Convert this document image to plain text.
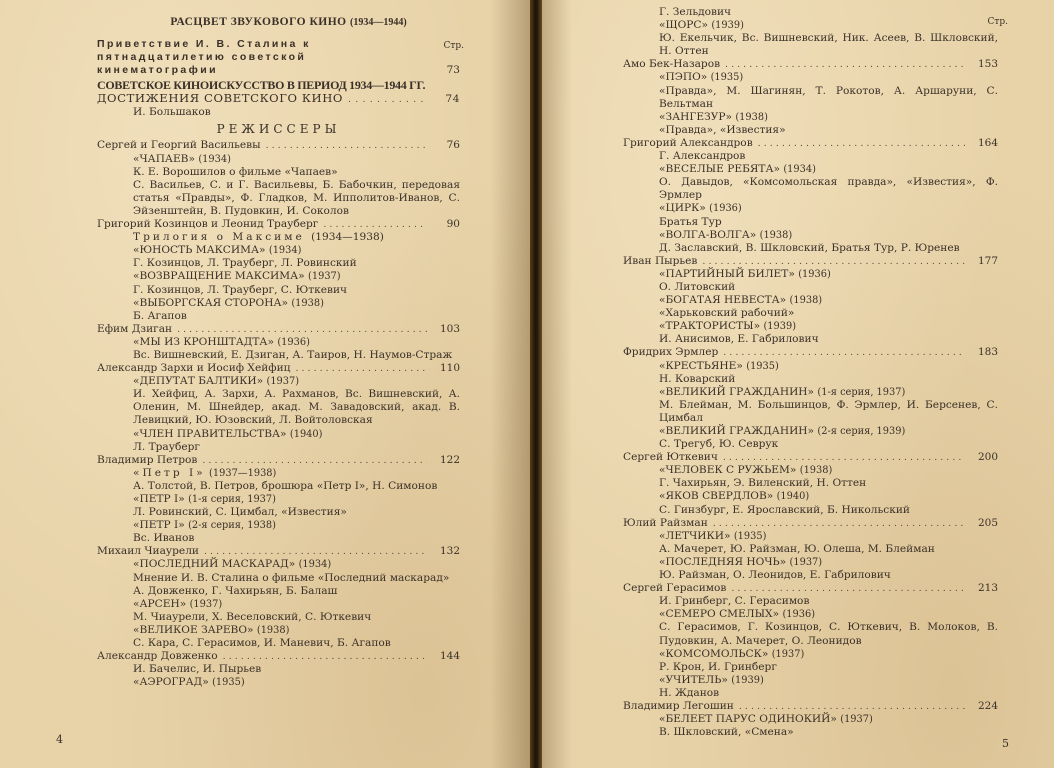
РАСЦВЕТ ЗВУКОВОГО КИНО (1934—1944)
Стр.
Приветствие И. В. Сталина к пятнадцатилетию советской кинематографии	73
СОВЕТСКОЕ КИНОИСКУССТВО В ПЕРИОД 1934—1944 ГГ.
ДОСТИЖЕНИЯ СОВЕТСКОГО КИНО . . .	74
И. Большаков
РЕЖИССЕРЫ
Сергей и Георгий Васильевы . . .	76
«ЧАПАЕВ» (1934)
К. Е. Ворошилов о фильме «Чапаев»
С. Васильев, С. и Г. Васильевы, Б. Бабочкин, передовая статья «Правды», Ф. Гладков, М. Ипполитов-Иванов, С. Эйзенштейн, В. Пудовкин, И. Соколов
Григорий Козинцов и Леонид Трауберг . . .	90
Трилогия о Максиме (1934—1938)
«ЮНОСТЬ МАКСИМА» (1934)
Г. Козинцов, Л. Трауберг, Л. Ровинский
«ВОЗВРАЩЕНИЕ МАКСИМА» (1937)
Г. Козинцов, Л. Трауберг, С. Юткевич
«ВЫБОРГСКАЯ СТОРОНА» (1938)
Б. Агапов
Ефим Дзиган . . .	103
«МЫ ИЗ КРОНШТАДТА» (1936)
Вс. Вишневский, Е. Дзиган, А. Таиров, Н. Наумов-Страж
Александр Зархи и Иосиф Хейфиц . . .	110
«ДЕПУТАТ БАЛТИКИ» (1937)
И. Хейфиц, А. Зархи, А. Рахманов, Вс. Вишневский, А. Оленин, М. Шнейдер, акад. М. Завадовский, акад. В. Левицкий, Ю. Юзовский, Л. Войтоловская
«ЧЛЕН ПРАВИТЕЛЬСТВА» (1940)
Л. Трауберг
Владимир Петров . . .	122
«Петр I» (1937—1938)
А. Толстой, В. Петров, брошюра «Петр I», Н. Симонов
«ПЕТР I» (1-я серия, 1937)
Л. Ровинский, С. Цимбал, «Известия»
«ПЕТР I» (2-я серия, 1938)
Вс. Иванов
Михаил Чиаурели . . .	132
«ПОСЛЕДНИЙ МАСКАРАД» (1934)
Мнение И. В. Сталина о фильме «Последний маскарад»
А. Довженко, Г. Чахирьян, Б. Балаш
«АРСЕН» (1937)
М. Чиаурели, Х. Веселовский, С. Юткевич
«ВЕЛИКОЕ ЗАРЕВО» (1938)
С. Кара, С. Герасимов, И. Маневич, Б. Агапов
Александр Довженко . . .	144
И. Бачелис, И. Пырьев
«АЭРОГРАД» (1935)
4
Стр.
Г. Зельдович
«ЩОРС» (1939)
Ю. Екельчик, Вс. Вишневский, Ник. Асеев, В. Шкловский, Н. Оттен
Амо Бек-Назаров . . .	153
«ПЭПО» (1935)
«Правда», М. Шагинян, Т. Рокотов, А. Аршаруни, С. Вельтман
«ЗАНГЕЗУР» (1938)
«Правда», «Известия»
Григорий Александров . . .	164
Г. Александров
«ВЕСЕЛЫЕ РЕБЯТА» (1934)
О. Давыдов, «Комсомольская правда», «Известия», Ф. Эрмлер
«ЦИРК» (1936)
Братья Тур
«ВОЛГА-ВОЛГА» (1938)
Д. Заславский, В. Шкловский, Братья Тур, Р. Юренев
Иван Пырьев . . .	177
«ПАРТИЙНЫЙ БИЛЕТ» (1936)
О. Литовский
«БОГАТАЯ НЕВЕСТА» (1938)
«Харьковский рабочий»
«ТРАКТОРИСТЫ» (1939)
И. Анисимов, Е. Габрилович
Фридрих Эрмлер . . .	183
«КРЕСТЬЯНЕ» (1935)
Н. Коварский
«ВЕЛИКИЙ ГРАЖДАНИН» (1-я серия, 1937)
М. Блейман, М. Большинцов, Ф. Эрмлер, И. Берсенев, С. Цимбал
«ВЕЛИКИЙ ГРАЖДАНИН» (2-я серия, 1939)
С. Трегуб, Ю. Севрук
Сергей Юткевич . . .	200
«ЧЕЛОВЕК С РУЖЬЕМ» (1938)
Г. Чахирьян, Э. Виленский, Н. Оттен
«ЯКОВ СВЕРДЛОВ» (1940)
С. Гинзбург, Е. Ярославский, Б. Никольский
Юлий Райзман . . .	205
«ЛЕТЧИКИ» (1935)
А. Мачерет, Ю. Райзман, Ю. Олеша, М. Блейман
«ПОСЛЕДНЯЯ НОЧЬ» (1937)
Ю. Райзман, О. Леонидов, Е. Габрилович
Сергей Герасимов . . .	213
И. Гринберг, С. Герасимов
«СЕМЕРО СМЕЛЫХ» (1936)
С. Герасимов, Г. Козинцов, С. Юткевич, В. Молоков, В. Пудовкин, А. Мачерет, О. Леонидов
«КОМСОМОЛЬСК» (1937)
Р. Крон, И. Гринберг
«УЧИТЕЛЬ» (1939)
Н. Жданов
Владимир Легошин . . .	224
«БЕЛЕЕТ ПАРУС ОДИНОКИЙ» (1937)
В. Шкловский, «Смена»
5
